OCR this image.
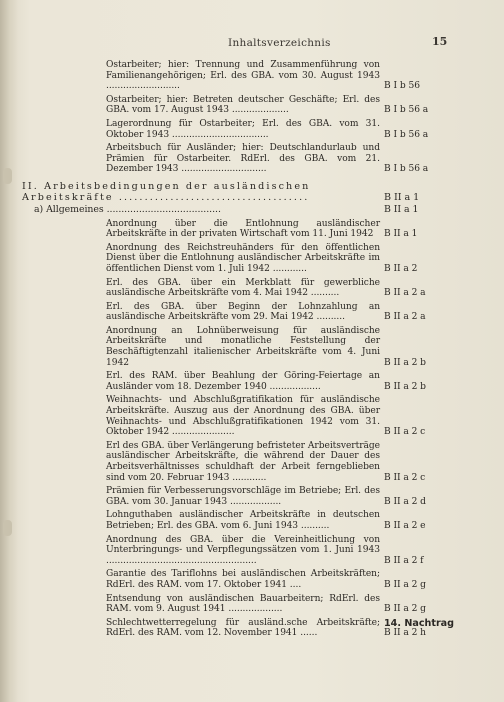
Inhaltsverzeichnis	15
Ostarbeiter; hier: Trennung und Zusammenführung von Familienangehörigen; Erl. des GBA. vom 30. August 1943 ..........................	B I b 56
Ostarbeiter; hier: Betreten deutscher Geschäfte; Erl. des GBA. vom 17. August 1943 ....................	B I b 56 a
Lagerordnung für Ostarbeiter; Erl. des GBA. vom 31. Oktober 1943 ..................................	B I b 56 a
Arbeitsbuch für Ausländer; hier: Deutschlandurlaub und Prämien für Ostarbeiter. RdErl. des GBA. vom 21. Dezember 1943 ..............................	B I b 56 a
II. Arbeitsbedingungen der ausländischen Arbeitskräfte .....................................	B II a 1
a) Allgemeines .......................................	B II a 1
Anordnung über die Entlohnung ausländischer Arbeitskräfte in der privaten Wirtschaft vom 11. Juni 1942	B II a 1
Anordnung des Reichstreuhänders für den öffentlichen Dienst über die Entlohnung ausländischer Arbeitskräfte im öffentlichen Dienst vom 1. Juli 1942 ............	B II a 2
Erl. des GBA. über ein Merkblatt für gewerbliche ausländische Arbeitskräfte vom 4. Mai 1942 ..........	B II a 2 a
Erl. des GBA. über Beginn der Lohnzahlung an ausländische Arbeitskräfte vom 29. Mai 1942 ..........	B II a 2 a
Anordnung an Lohnüberweisung für ausländische Arbeitskräfte und monatliche Feststellung der Beschäftigtenzahl italienischer Arbeitskräfte vom 4. Juni 1942	B II a 2 b
Erl. des RAM. über Beahlung der Göring-Feiertage an Ausländer vom 18. Dezember 1940 ..................	B II a 2 b
Weihnachts- und Abschlußgratifikation für ausländische Arbeitskräfte. Auszug aus der Anordnung des GBA. über Weihnachts- und Abschlußgratifikationen 1942 vom 31. Oktober 1942 ......................	B II a 2 c
Erl des GBA. über Verlängerung befristeter Arbeitsverträge ausländischer Arbeitskräfte, die während der Dauer des Arbeitsverhältnisses schuldhaft der Arbeit ferngeblieben sind vom 20. Februar 1943 ............	B II a 2 c
Prämien für Verbesserungsvorschläge im Betriebe; Erl. des GBA. vom 30. Januar 1943 ..................	B II a 2 d
Lohnguthaben ausländischer Arbeitskräfte in deutschen Betrieben; Erl. des GBA. vom 6. Juni 1943 ..........	B II a 2 e
Anordnung des GBA. über die Vereinheitlichung von Unterbringungs- und Verpflegungssätzen vom 1. Juni 1943 .....................................................	B II a 2 f
Garantie des Tariflohns bei ausländischen Arbeitskräften; RdErl. des RAM. vom 17. Oktober 1941 ....	B II a 2 g
Entsendung von ausländischen Bauarbeitern; RdErl. des RAM. vom 9. August 1941 ...................	B II a 2 g
Schlechtwetterregelung für ausländ.sche Arbeitskräfte; RdErl. des RAM. vom 12. November 1941 ......	B II a 2 h
14. Nachtrag
